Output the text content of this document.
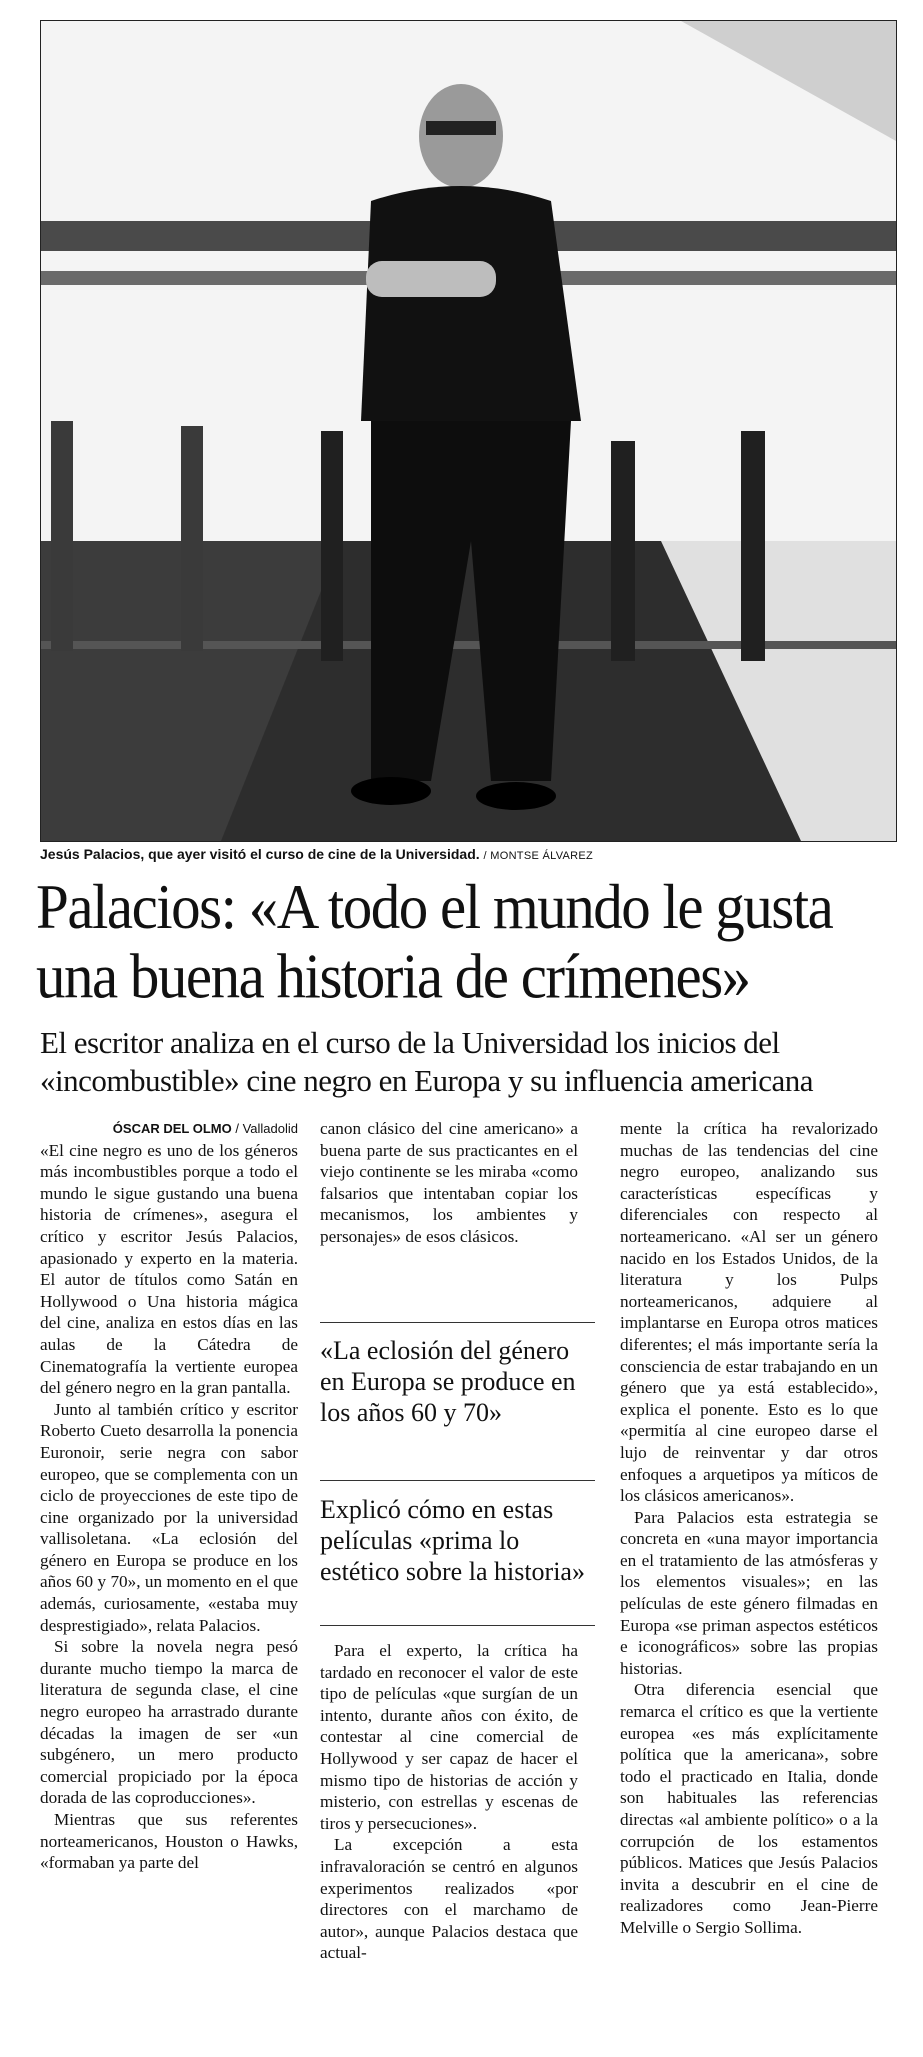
Jesús Palacios, que ayer visitó el curso de cine de la Universidad. / MONTSE ÁLVAREZ
Palacios: «A todo el mundo le gusta
una buena historia de crímenes»
El escritor analiza en el curso de la Universidad los inicios del
«incombustible» cine negro en Europa y su influencia americana

ÓSCAR DEL OLMO / Valladolid

«El cine negro es uno de los géneros más incombustibles porque a todo el mundo le sigue gustando una buena historia de crímenes», asegura el crítico y escritor Jesús Palacios, apasionado y experto en la materia. El autor de títulos como Satán en Hollywood o Una historia mágica del cine, analiza en estos días en las aulas de la Cátedra de Cinematografía la vertiente europea del género negro en la gran pantalla.

Junto al también crítico y escritor Roberto Cueto desarrolla la ponencia Euronoir, serie negra con sabor europeo, que se complementa con un ciclo de proyecciones de este tipo de cine organizado por la universidad vallisoletana. «La eclosión del género en Europa se produce en los años 60 y 70», un momento en el que además, curiosamente, «estaba muy desprestigiado», relata Palacios.

Si sobre la novela negra pesó durante mucho tiempo la marca de literatura de segunda clase, el cine negro europeo ha arrastrado durante décadas la imagen de ser «un subgénero, un mero producto comercial propiciado por la época dorada de las coproducciones».

Mientras que sus referentes norteamericanos, Houston o Hawks, «formaban ya parte del

canon clásico del cine americano» a buena parte de sus practicantes en el viejo continente se les miraba «como falsarios que intentaban copiar los mecanismos, los ambientes y personajes» de esos clásicos.

«La eclosión del género en Europa se produce en los años 60 y 70»

Explicó cómo en estas películas «prima lo estético sobre la historia»

Para el experto, la crítica ha tardado en reconocer el valor de este tipo de películas «que surgían de un intento, durante años con éxito, de contestar al cine comercial de Hollywood y ser capaz de hacer el mismo tipo de historias de acción y misterio, con estrellas y escenas de tiros y persecuciones».

La excepción a esta infravaloración se centró en algunos experimentos realizados «por directores con el marchamo de autor», aunque Palacios destaca que actual-

mente la crítica ha revalorizado muchas de las tendencias del cine negro europeo, analizando sus características específicas y diferenciales con respecto al norteamericano. «Al ser un género nacido en los Estados Unidos, de la literatura y los Pulps norteamericanos, adquiere al implantarse en Europa otros matices diferentes; el más importante sería la consciencia de estar trabajando en un género que ya está establecido», explica el ponente. Esto es lo que «permitía al cine europeo darse el lujo de reinventar y dar otros enfoques a arquetipos ya míticos de los clásicos americanos».

Para Palacios esta estrategia se concreta en «una mayor importancia en el tratamiento de las atmósferas y los elementos visuales»; en las películas de este género filmadas en Europa «se priman aspectos estéticos e iconográficos» sobre las propias historias.

Otra diferencia esencial que remarca el crítico es que la vertiente europea «es más explícitamente política que la americana», sobre todo el practicado en Italia, donde son habituales las referencias directas «al ambiente político» o a la corrupción de los estamentos públicos. Matices que Jesús Palacios invita a descubrir en el cine de realizadores como Jean-Pierre Melville o Sergio Sollima.
